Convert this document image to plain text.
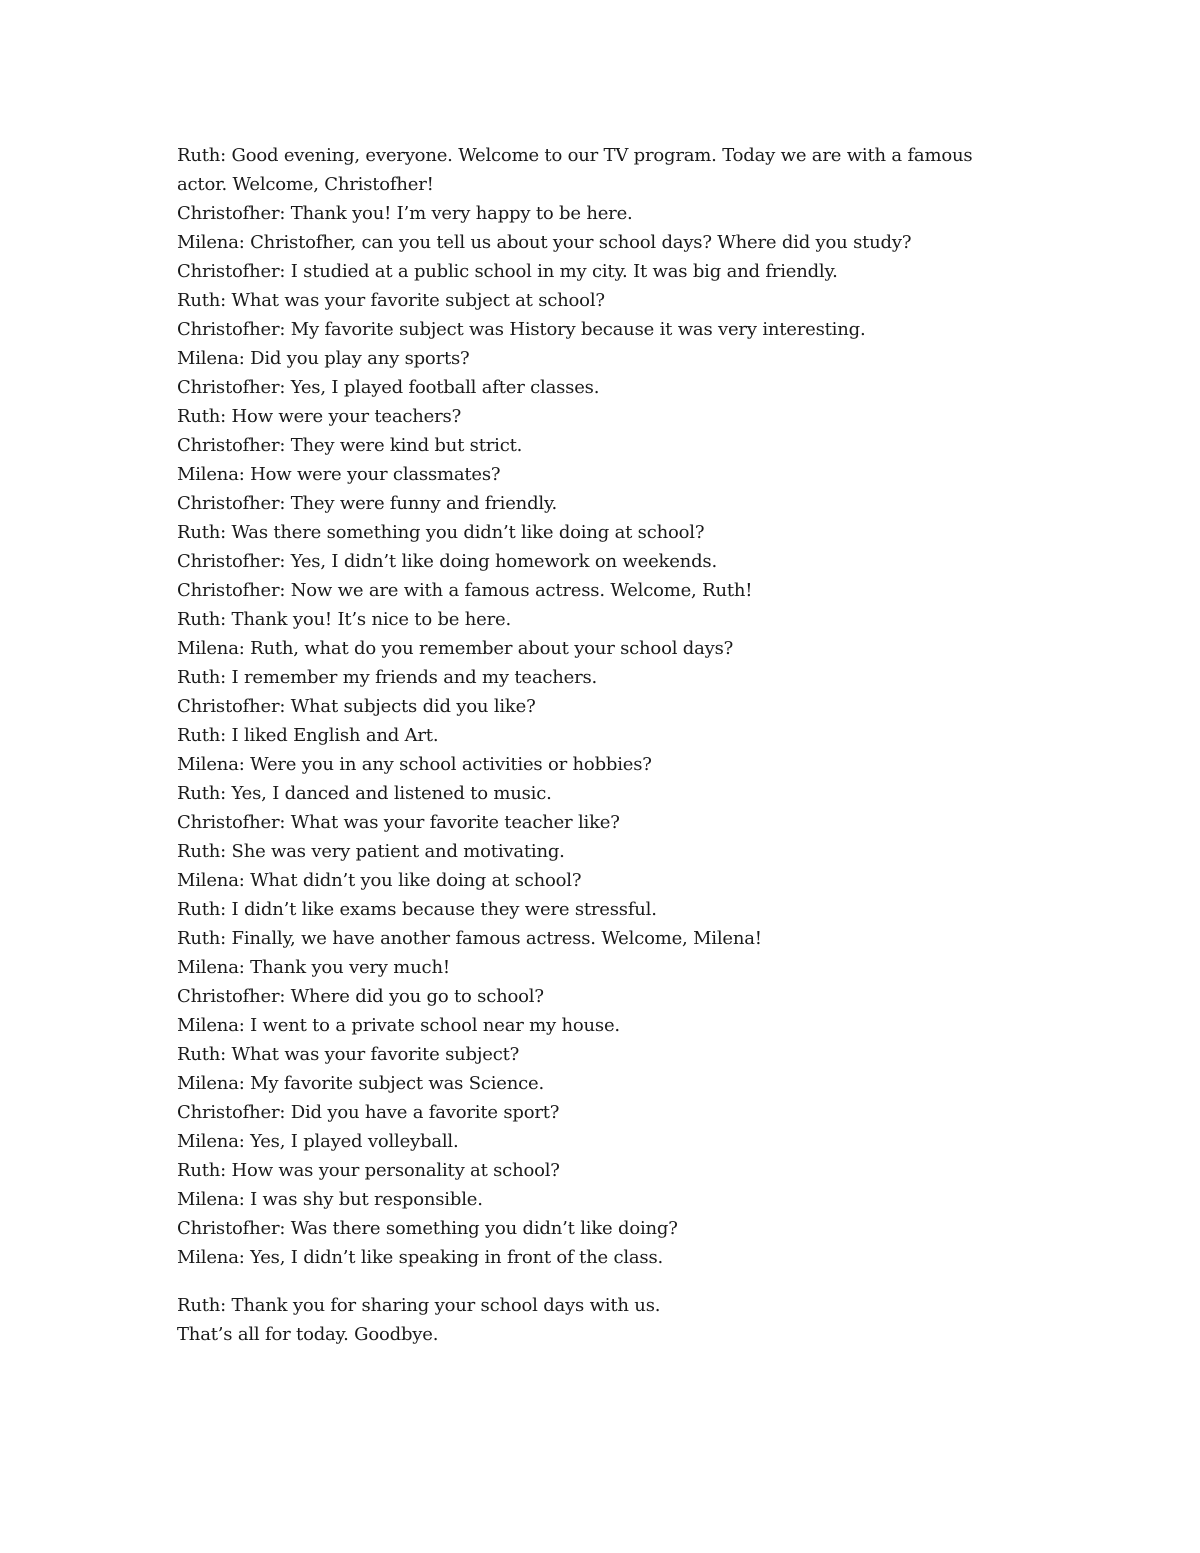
Ruth: Good evening, everyone. Welcome to our TV program. Today we are with a famous
actor. Welcome, Christofher!
Christofher: Thank you! I’m very happy to be here.
Milena: Christofher, can you tell us about your school days? Where did you study?
Christofher: I studied at a public school in my city. It was big and friendly.
Ruth: What was your favorite subject at school?
Christofher: My favorite subject was History because it was very interesting.
Milena: Did you play any sports?
Christofher: Yes, I played football after classes.
Ruth: How were your teachers?
Christofher: They were kind but strict.
Milena: How were your classmates?
Christofher: They were funny and friendly.
Ruth: Was there something you didn’t like doing at school?
Christofher: Yes, I didn’t like doing homework on weekends.
Christofher: Now we are with a famous actress. Welcome, Ruth!
Ruth: Thank you! It’s nice to be here.
Milena: Ruth, what do you remember about your school days?
Ruth: I remember my friends and my teachers.
Christofher: What subjects did you like?
Ruth: I liked English and Art.
Milena: Were you in any school activities or hobbies?
Ruth: Yes, I danced and listened to music.
Christofher: What was your favorite teacher like?
Ruth: She was very patient and motivating.
Milena: What didn’t you like doing at school?
Ruth: I didn’t like exams because they were stressful.
Ruth: Finally, we have another famous actress. Welcome, Milena!
Milena: Thank you very much!
Christofher: Where did you go to school?
Milena: I went to a private school near my house.
Ruth: What was your favorite subject?
Milena: My favorite subject was Science.
Christofher: Did you have a favorite sport?
Milena: Yes, I played volleyball.
Ruth: How was your personality at school?
Milena: I was shy but responsible.
Christofher: Was there something you didn’t like doing?
Milena: Yes, I didn’t like speaking in front of the class.
Ruth: Thank you for sharing your school days with us.
That’s all for today. Goodbye.
